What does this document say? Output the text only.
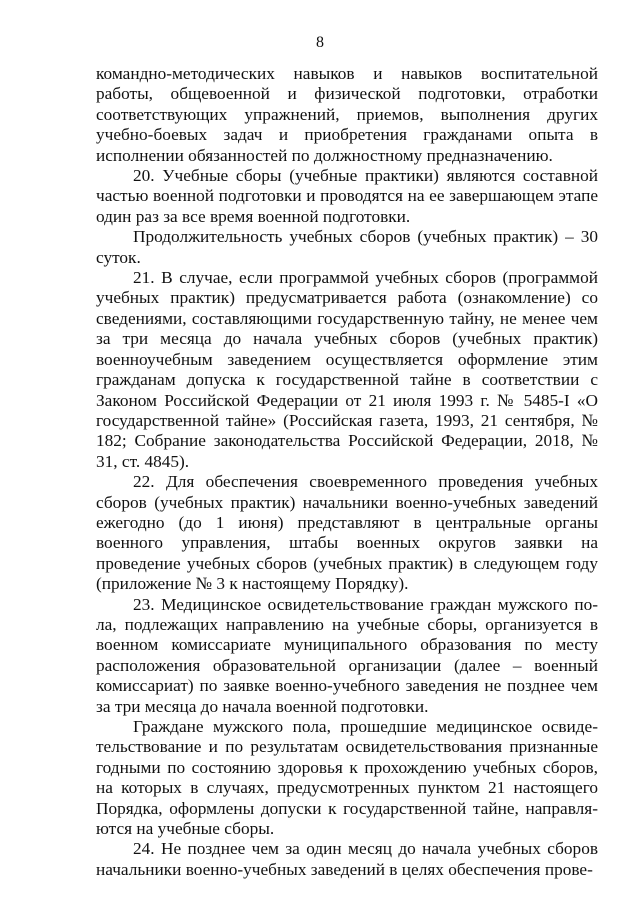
8

командно-методических навыков и навыков воспитательной работы, общевоенной и физической подготовки, отработки соответствующих упражнений, приемов, выполнения других учебно-боевых задач и приобретения гражданами опыта в исполнении обязанностей по должностному предназначению.

20. Учебные сборы (учебные практики) являются составной частью военной подготовки и проводятся на ее завершающем этапе один раз за все время военной подготовки.

Продолжительность учебных сборов (учебных практик) – 30 суток.

21. В случае, если программой учебных сборов (программой учебных практик) предусматривается работа (ознакомление) со сведениями, составляющими государственную тайну, не менее чем за три месяца до начала учебных сборов (учебных практик) военноучебным заведением осуществляется оформление этим гражданам допуска к государственной тайне в соответствии с Законом Российской Федерации от 21 июля 1993 г. № 5485-I «О государственной тайне» (Российская газета, 1993, 21 сентября, № 182; Собрание законодательства Российской Федерации, 2018, № 31, ст. 4845).

22. Для обеспечения своевременного проведения учебных сборов (учебных практик) начальники военно-учебных заведений ежегодно (до 1 июня) представляют в центральные органы военного управления, штабы военных округов заявки на проведение учебных сборов (учебных практик) в следующем году (приложение № 3 к настоящему Порядку).

23. Медицинское освидетельствование граждан мужского пола, подлежащих направлению на учебные сборы, организуется в военном комиссариате муниципального образования по месту расположения образовательной организации (далее – военный комиссариат) по заявке военно-учебного заведения не позднее чем за три месяца до начала военной подготовки.

Граждане мужского пола, прошедшие медицинское освидетельствование и по результатам освидетельствования признанные годными по состоянию здоровья к прохождению учебных сборов, на которых в случаях, предусмотренных пунктом 21 настоящего Порядка, оформлены допуски к государственной тайне, направляются на учебные сборы.

24. Не позднее чем за один месяц до начала учебных сборов начальники военно-учебных заведений в целях обеспечения прове-
